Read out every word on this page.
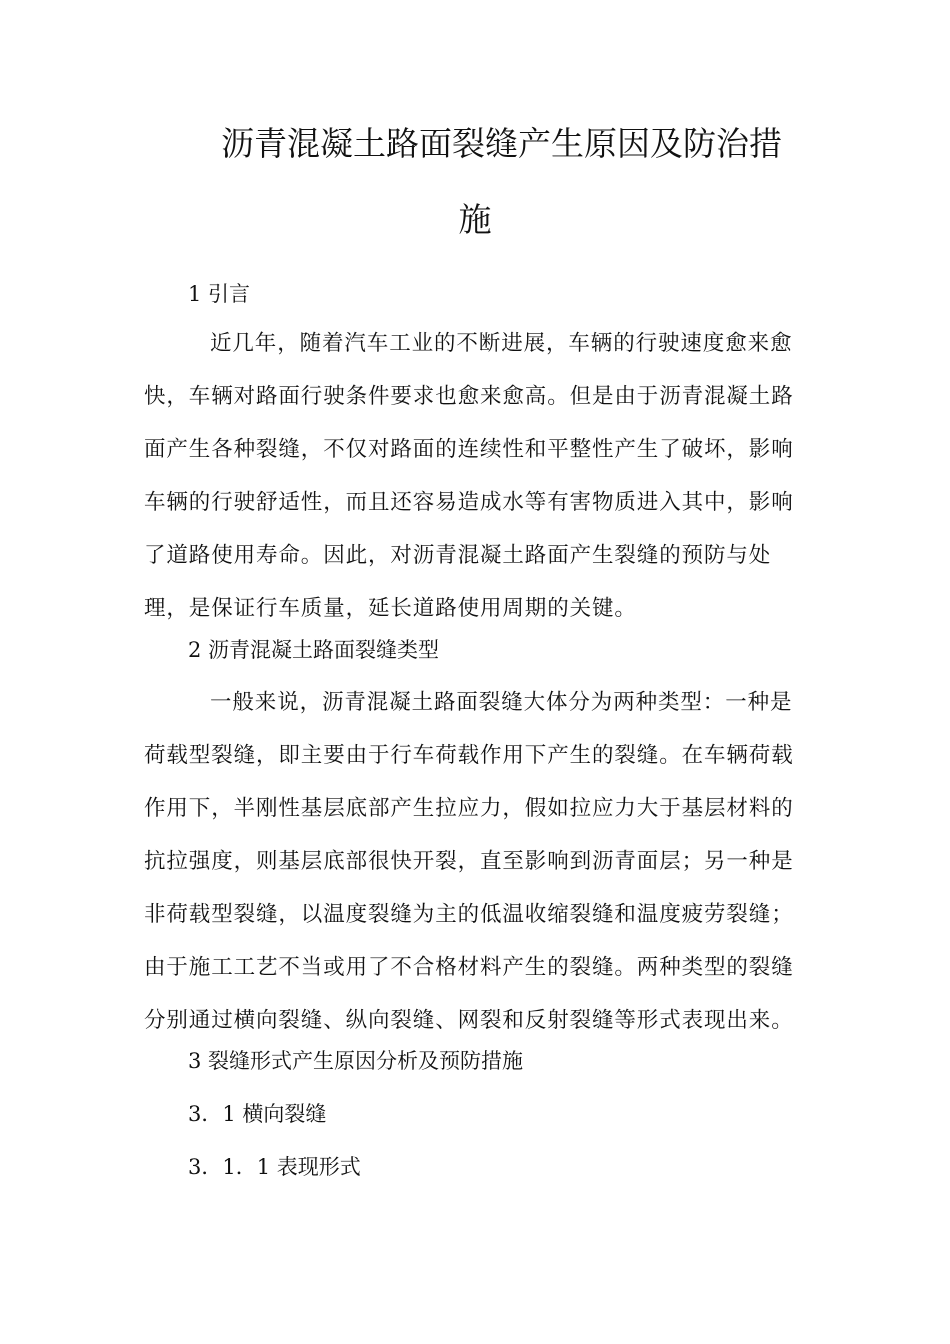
沥青混凝土路面裂缝产生原因及防治措
施
1 引言
近几年，随着汽车工业的不断进展，车辆的行驶速度愈来愈
快，车辆对路面行驶条件要求也愈来愈高。但是由于沥青混凝土路
面产生各种裂缝，不仅对路面的连续性和平整性产生了破坏，影响
车辆的行驶舒适性，而且还容易造成水等有害物质进入其中，影响
了道路使用寿命。因此，对沥青混凝土路面产生裂缝的预防与处
理，是保证行车质量，延长道路使用周期的关键。
2 沥青混凝土路面裂缝类型
一般来说，沥青混凝土路面裂缝大体分为两种类型：一种是
荷载型裂缝，即主要由于行车荷载作用下产生的裂缝。在车辆荷载
作用下，半刚性基层底部产生拉应力，假如拉应力大于基层材料的
抗拉强度，则基层底部很快开裂，直至影响到沥青面层；另一种是
非荷载型裂缝，以温度裂缝为主的低温收缩裂缝和温度疲劳裂缝；
由于施工工艺不当或用了不合格材料产生的裂缝。两种类型的裂缝
分别通过横向裂缝、纵向裂缝、网裂和反射裂缝等形式表现出来。
3 裂缝形式产生原因分析及预防措施
3．1 横向裂缝
3．1．1 表现形式
